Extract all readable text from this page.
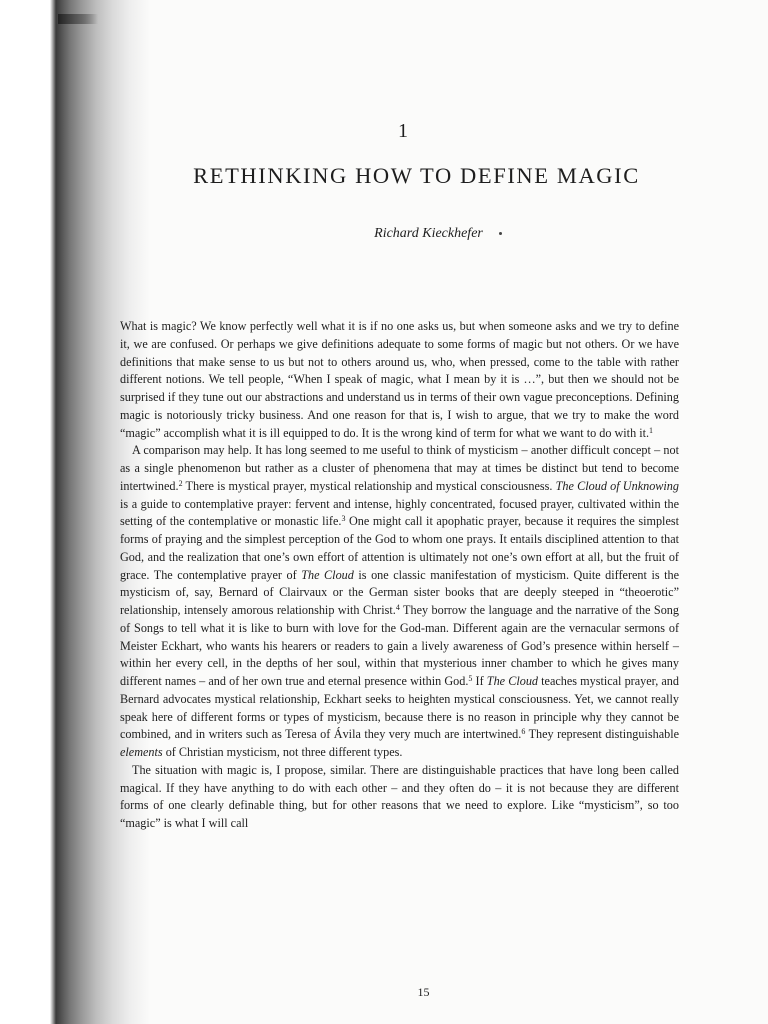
1
RETHINKING HOW TO DEFINE MAGIC
Richard Kieckhefer

What is magic? We know perfectly well what it is if no one asks us, but when someone asks and we try to define it, we are confused. Or perhaps we give definitions adequate to some forms of magic but not others. Or we have definitions that make sense to us but not to others around us, who, when pressed, come to the table with rather different notions. We tell people, “When I speak of magic, what I mean by it is …”, but then we should not be surprised if they tune out our abstractions and understand us in terms of their own vague preconceptions. Defining magic is notoriously tricky business. And one reason for that is, I wish to argue, that we try to make the word “magic” accomplish what it is ill equipped to do. It is the wrong kind of term for what we want to do with it.$^1$

A comparison may help. It has long seemed to me useful to think of mysticism – another difficult concept – not as a single phenomenon but rather as a cluster of phenomena that may at times be distinct but tend to become intertwined.$^2$ There is mystical prayer, mystical relationship and mystical consciousness. The Cloud of Unknowing is a guide to contemplative prayer: fervent and intense, highly concentrated, focused prayer, cultivated within the setting of the contemplative or monastic life.$^3$ One might call it apophatic prayer, because it requires the simplest forms of praying and the simplest perception of the God to whom one prays. It entails disciplined attention to that God, and the realization that one’s own effort of attention is ultimately not one’s own effort at all, but the fruit of grace. The contemplative prayer of The Cloud is one classic manifestation of mysticism. Quite different is the mysticism of, say, Bernard of Clairvaux or the German sister books that are deeply steeped in “theoerotic” relationship, intensely amorous relationship with Christ.$^4$ They borrow the language and the narrative of the Song of Songs to tell what it is like to burn with love for the God-man. Different again are the vernacular sermons of Meister Eckhart, who wants his hearers or readers to gain a lively awareness of God’s presence within herself – within her every cell, in the depths of her soul, within that mysterious inner chamber to which he gives many different names – and of her own true and eternal presence within God.$^5$ If The Cloud teaches mystical prayer, and Bernard advocates mystical relationship, Eckhart seeks to heighten mystical consciousness. Yet, we cannot really speak here of different forms or types of mysticism, because there is no reason in principle why they cannot be combined, and in writers such as Teresa of Ávila they very much are intertwined.$^6$ They represent distinguishable elements of Christian mysticism, not three different types.

The situation with magic is, I propose, similar. There are distinguishable practices that have long been called magical. If they have anything to do with each other – and they often do – it is not because they are different forms of one clearly definable thing, but for other reasons that we need to explore. Like “mysticism”, so too “magic” is what I will call

15
